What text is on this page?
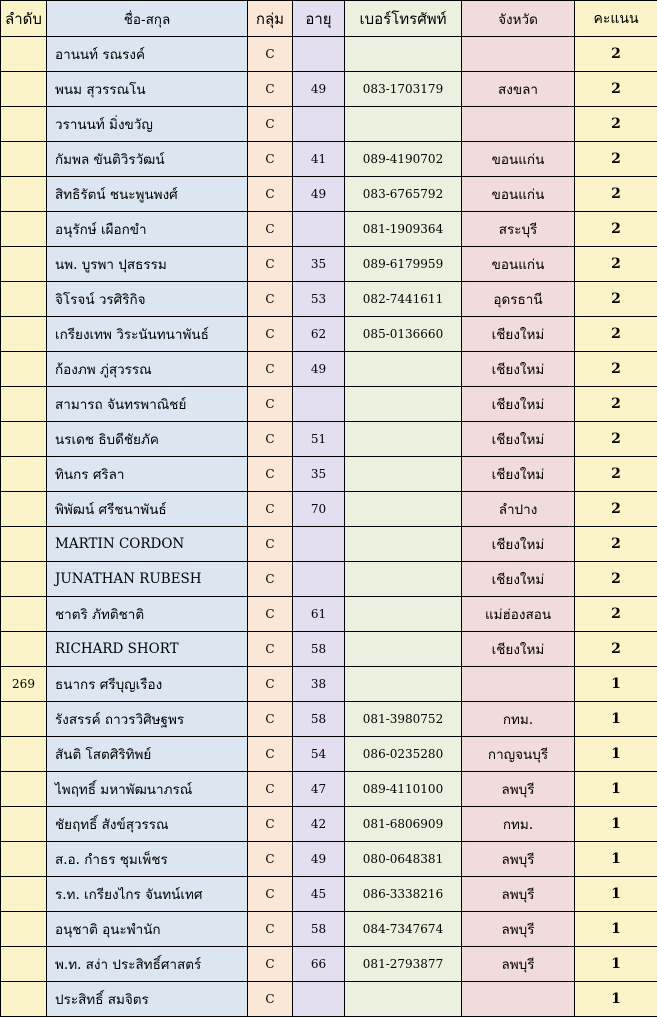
ลำดับ	ชื่อ-สกุล	กลุ่ม	อายุ	เบอร์โทรศัพท์	จังหวัด	คะแนน
	อานนท์ รณรงค์	C				2
	พนม สุวรรณโน	C	49	083-1703179	สงขลา	2
	วรานนท์ มิ่งขวัญ	C				2
	กัมพล ขันติวิรวัฒน์	C	41	089-4190702	ขอนแก่น	2
	สิทธิรัตน์ ชนะพูนพงศ์	C	49	083-6765792	ขอนแก่น	2
	อนุรักษ์ เผือกขำ	C		081-1909364	สระบุรี	2
	นพ. บูรพา ปุสธรรม	C	35	089-6179959	ขอนแก่น	2
	จิโรจน์ วรศิริกิจ	C	53	082-7441611	อุดรธานี	2
	เกรียงเทพ วิระนันทนาพันธ์	C	62	085-0136660	เชียงใหม่	2
	ก้องภพ ภู่สุวรรณ	C	49		เชียงใหม่	2
	สามารถ จันทรพาณิชย์	C			เชียงใหม่	2
	นรเดช ธิบดีชัยภัค	C	51		เชียงใหม่	2
	ทินกร ศริลา	C	35		เชียงใหม่	2
	พิพัฒน์ ศรีชนาพันธ์	C	70		ลำปาง	2
	MARTIN CORDON	C			เชียงใหม่	2
	JUNATHAN RUBESH	C			เชียงใหม่	2
	ชาตริ ภัทติชาติ	C	61		แม่ฮ่องสอน	2
	RICHARD SHORT	C	58		เชียงใหม่	2
269	ธนากร ศรีบุญเรือง	C	38			1
	รังสรรค์ ถาวรวิศิษฐพร	C	58	081-3980752	กทม.	1
	สันติ โสตศิริทิพย์	C	54	086-0235280	กาญจนบุรี	1
	ไพฤทธิ์ มหาพัฒนาภรณ์	C	47	089-4110100	ลพบุรี	1
	ชัยฤทธิ์ สังข์สุวรรณ	C	42	081-6806909	กทม.	1
	ส.อ. กำธร ชุมเพ็ชร	C	49	080-0648381	ลพบุรี	1
	ร.ท. เกรียงไกร จันทน์เทศ	C	45	086-3338216	ลพบุรี	1
	อนุชาติ อุนะพำนัก	C	58	084-7347674	ลพบุรี	1
	พ.ท. สง่า ประสิทธิ์ศาสตร์	C	66	081-2793877	ลพบุรี	1
	ประสิทธิ์ สมจิตร	C				1
